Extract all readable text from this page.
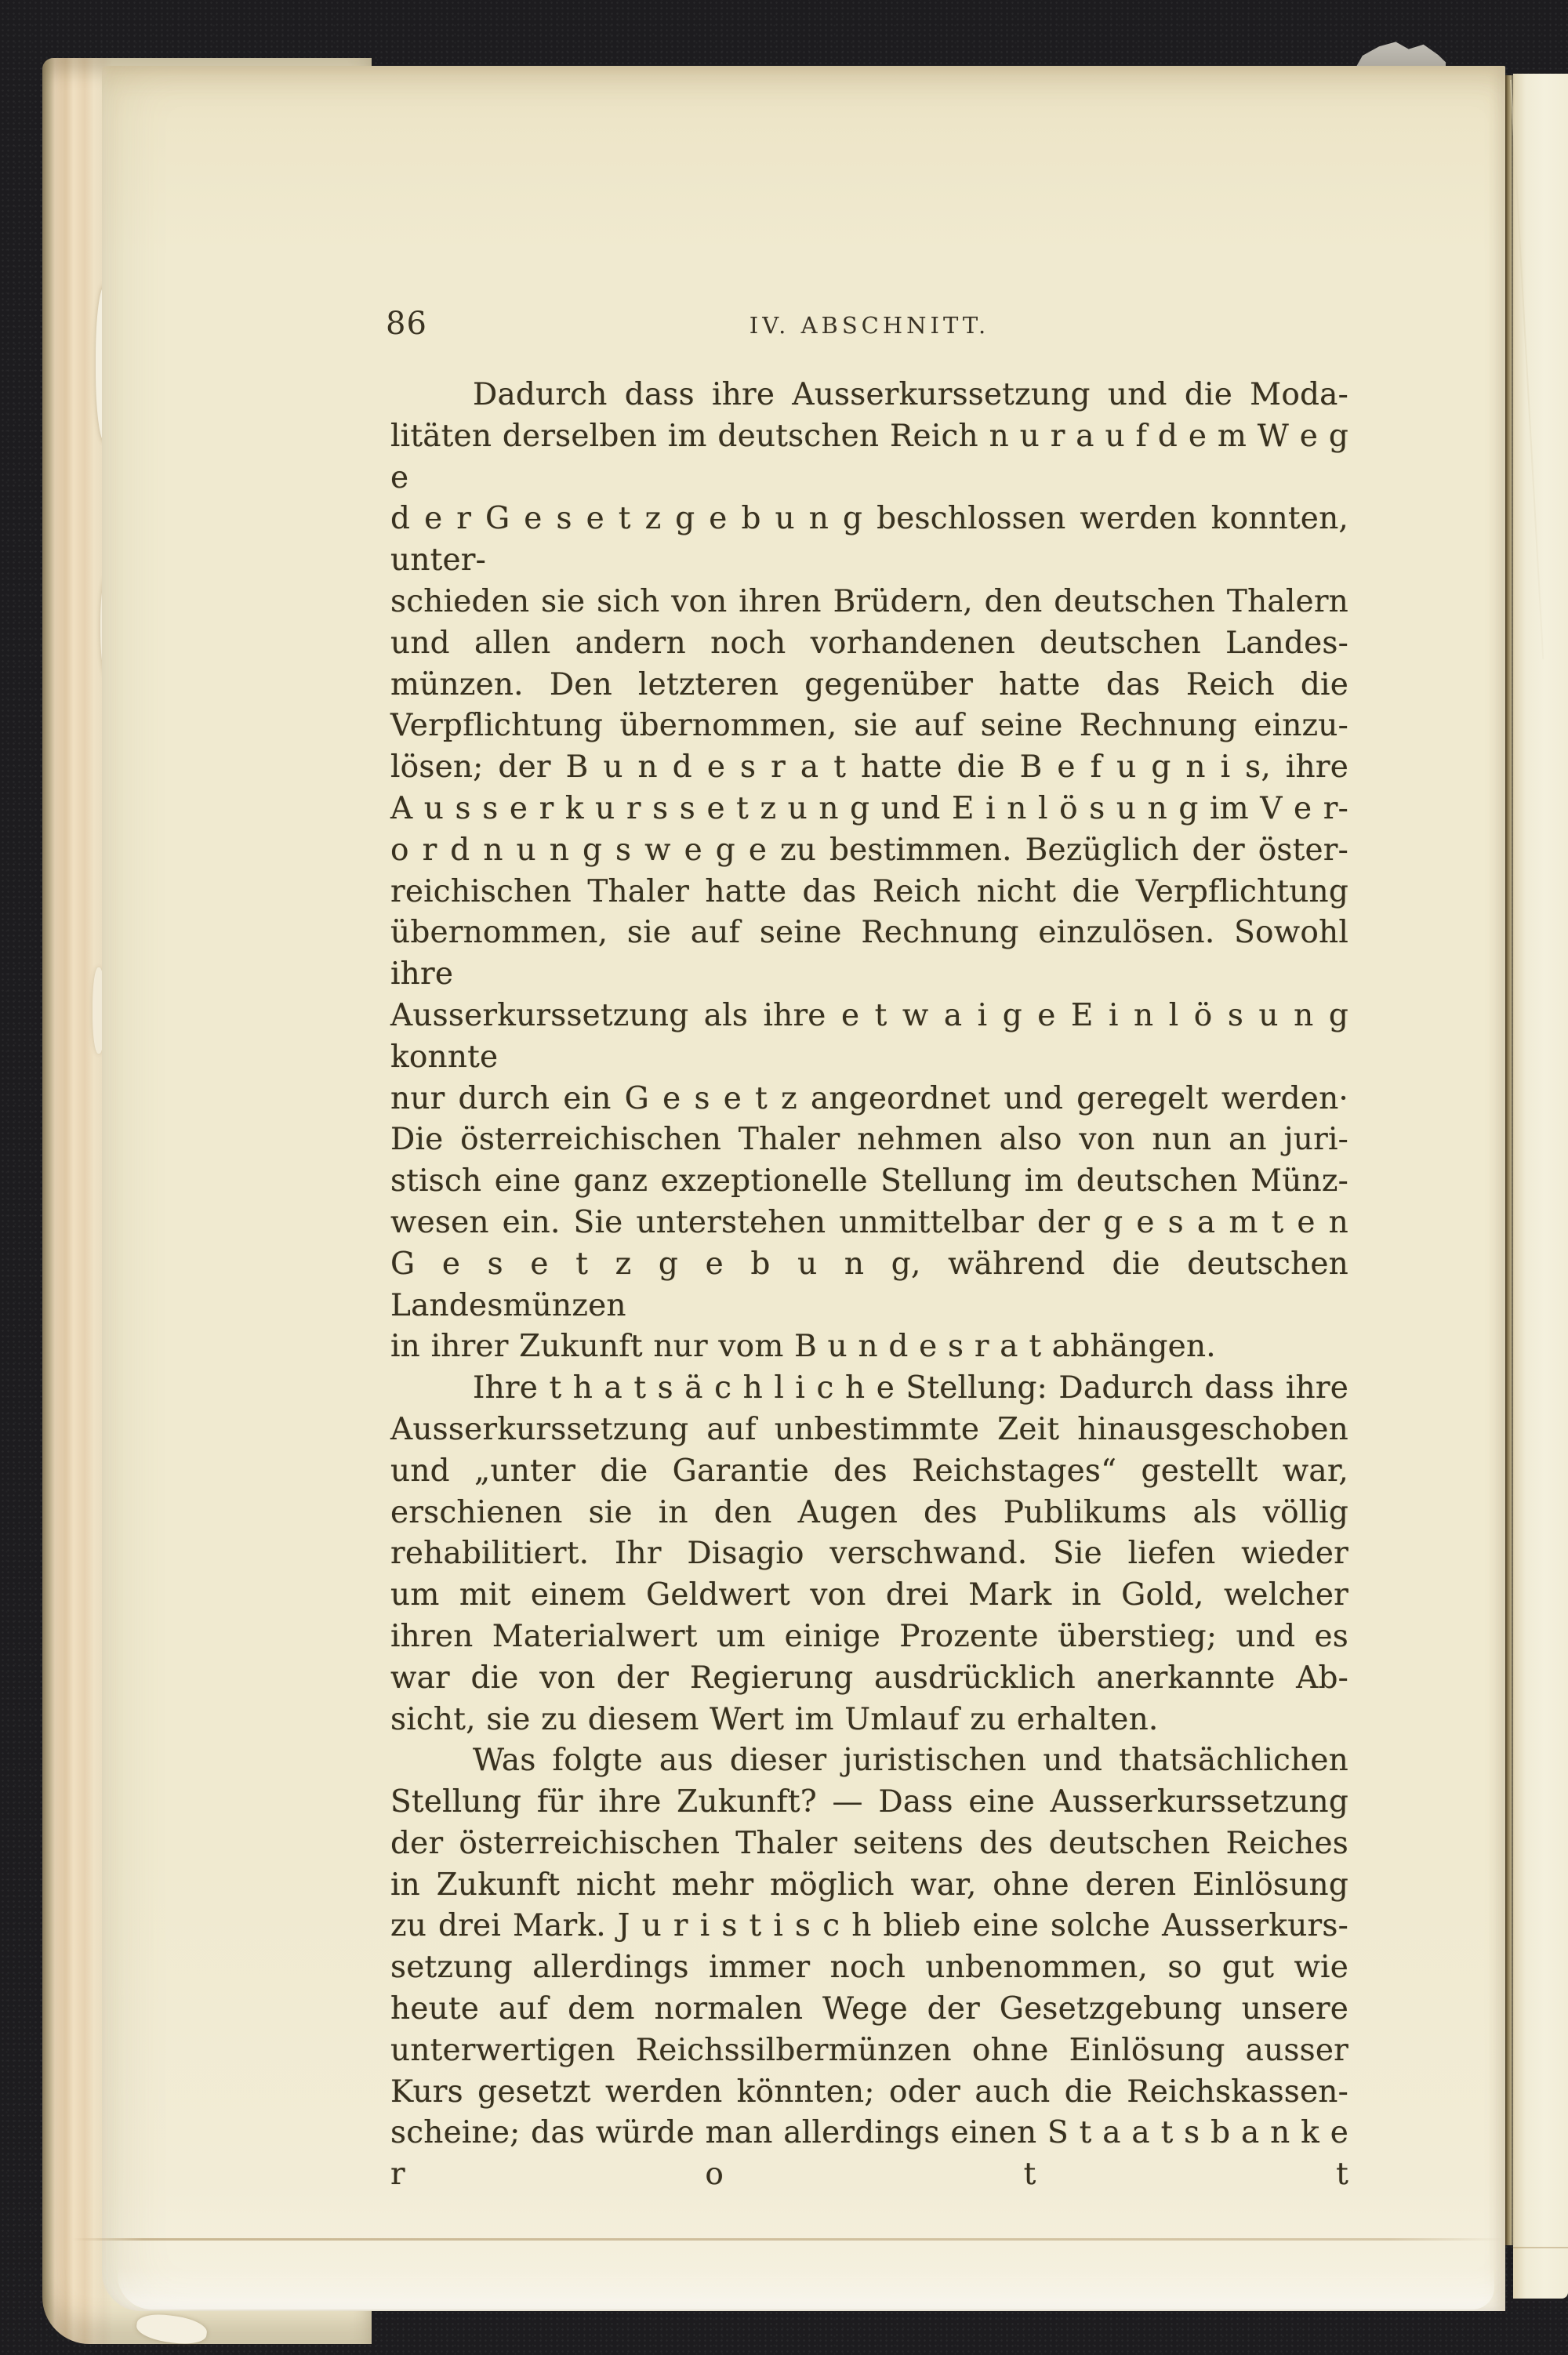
86	IV. ABSCHNITT.
Dadurch dass ihre Ausserkurssetzung und die Moda-
litäten derselben im deutschen Reich n u r a u f d e m W e g e
d e r G e s e t z g e b u n g beschlossen werden konnten, unter-
schieden sie sich von ihren Brüdern, den deutschen Thalern
und allen andern noch vorhandenen deutschen Landes-
münzen. Den letzteren gegenüber hatte das Reich die
Verpflichtung übernommen, sie auf seine Rechnung einzu-
lösen; der B u n d e s r a t hatte die B e f u g n i s, ihre
A u s s e r k u r s s e t z u n g und E i n l ö s u n g im V e r-
o r d n u n g s w e g e zu bestimmen. Bezüglich der öster-
reichischen Thaler hatte das Reich nicht die Verpflichtung
übernommen, sie auf seine Rechnung einzulösen. Sowohl ihre
Ausserkurssetzung als ihre e t w a i g e E i n l ö s u n g konnte
nur durch ein G e s e t z angeordnet und geregelt werden·
Die österreichischen Thaler nehmen also von nun an juri-
stisch eine ganz exzeptionelle Stellung im deutschen Münz-
wesen ein. Sie unterstehen unmittelbar der g e s a m t e n
G e s e t z g e b u n g, während die deutschen Landesmünzen
in ihrer Zukunft nur vom B u n d e s r a t abhängen.
Ihre t h a t s ä c h l i c h e Stellung: Dadurch dass ihre
Ausserkurssetzung auf unbestimmte Zeit hinausgeschoben
und „unter die Garantie des Reichstages“ gestellt war,
erschienen sie in den Augen des Publikums als völlig
rehabilitiert. Ihr Disagio verschwand. Sie liefen wieder
um mit einem Geldwert von drei Mark in Gold, welcher
ihren Materialwert um einige Prozente überstieg; und es
war die von der Regierung ausdrücklich anerkannte Ab-
sicht, sie zu diesem Wert im Umlauf zu erhalten.
Was folgte aus dieser juristischen und thatsächlichen
Stellung für ihre Zukunft? — Dass eine Ausserkurssetzung
der österreichischen Thaler seitens des deutschen Reiches
in Zukunft nicht mehr möglich war, ohne deren Einlösung
zu drei Mark. J u r i s t i s c h blieb eine solche Ausserkurs-
setzung allerdings immer noch unbenommen, so gut wie
heute auf dem normalen Wege der Gesetzgebung unsere
unterwertigen Reichssilbermünzen ohne Einlösung ausser
Kurs gesetzt werden könnten; oder auch die Reichskassen-
scheine; das würde man allerdings einen S t a a t s b a n k e r o t t
